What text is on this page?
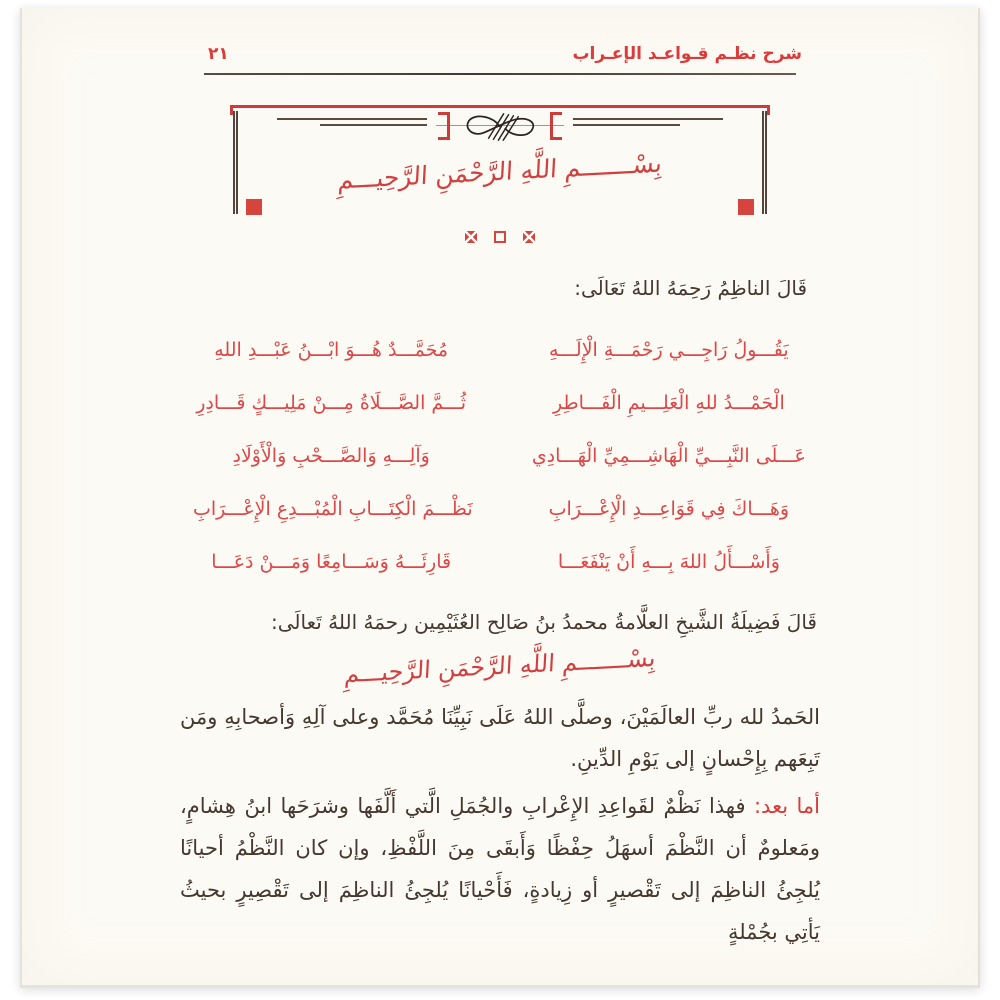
شرح نظـم قـواعـد الإعـراب
٢١
بِسْـــــــمِ اللَّهِ الرَّحْمَنِ الرَّحِيـــمِ
قَالَ الناظِمُ رَحِمَهُ اللهُ تَعَالَى:
يَقُـــولُ رَاجِـــي رَحْمَـــةِ الْإِلَـــهِ
مُحَمَّـــدٌ هُـــوَ ابْـــنُ عَبْـــدِ اللهِ
الْحَمْـــدُ للهِ الْعَلِـــيمِ الْفَـــاطِرِ
ثُـــمَّ الصَّـــلَاةُ مِـــنْ مَلِيـــكٍ قَـــادِرِ
عَـــلَى النَّبِـــيِّ الْهَاشِـــمِيِّ الْهَـــادِي
وَآلِـــهِ وَالصَّـــحْبِ وَالْأَوْلَادِ
وَهَـــاكَ فِي قَوَاعِـــدِ الْإِعْـــرَابِ
نَظْـــمَ الْكِتَـــابِ الْمُبْـــدِعِ الْإِعْـــرَابِ
وَأَسْـــأَلُ اللهَ بِـــهِ أَنْ يَنْفَعَـــا
قَارِئَـــهُ وَسَـــامِعًا وَمَـــنْ دَعَـــا
قَالَ فَضِيلَةُ الشَّيخِ العلَّامةُ محمدُ بنُ صَالِح العُثَيْمِين رحمَهُ اللهُ تَعالَى:
بِسْـــــــمِ اللَّهِ الرَّحْمَنِ الرَّحِيـــمِ
الحَمدُ لله ربِّ العالَمَيْنَ، وصلَّى اللهُ عَلَى نَبِيِّنَا مُحَمَّد وعلى آلِهِ وَأصحابِهِ ومَن تَبِعَهم بِإِحْسانٍ إلى يَوْمِ الدِّينِ.
أما بعد: فهذا نَظْمٌ لقَواعِدِ الإِعْرابِ والجُمَلِ الَّتي أَلَّفَها وشرَحَها ابنُ هِشامٍ، ومَعلومٌ أن النَّظْمَ أسهَلُ حِفْظًا وَأَبقَى مِنَ اللَّفْظِ، وإن كان النَّظْمُ أحيانًا يُلجِئُ الناظِمَ إلى تَقْصيرٍ أو زِيادةٍ، فَأَحْيانًا يُلجِئُ الناظِمَ إلى تَقْصِيرٍ بحيثُ يَأتِي بجُمْلةٍ
